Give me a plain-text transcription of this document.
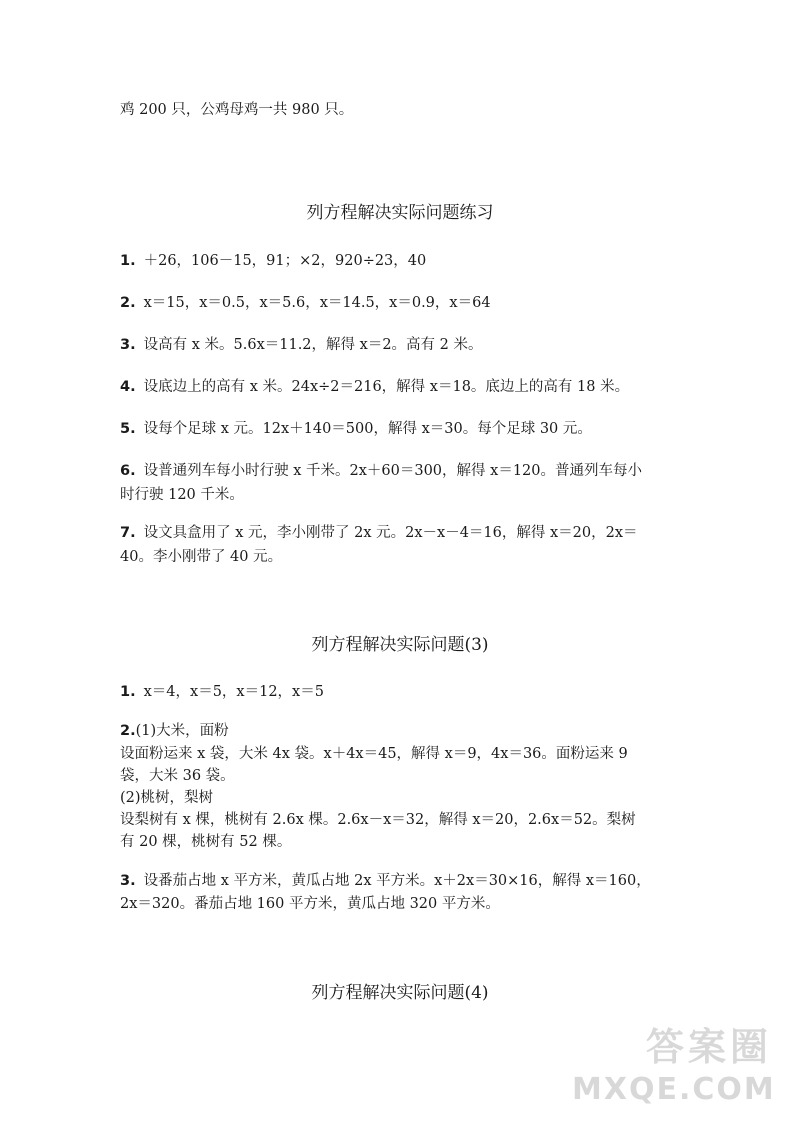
鸡 200 只，公鸡母鸡一共 980 只。
列方程解决实际问题练习
1. ＋26，106－15，91；×2，920÷23，40
2. x＝15，x＝0.5，x＝5.6，x＝14.5，x＝0.9，x＝64
3. 设高有 x 米。5.6x＝11.2，解得 x＝2。高有 2 米。
4. 设底边上的高有 x 米。24x÷2＝216，解得 x＝18。底边上的高有 18 米。
5. 设每个足球 x 元。12x＋140＝500，解得 x＝30。每个足球 30 元。
6. 设普通列车每小时行驶 x 千米。2x＋60＝300，解得 x＝120。普通列车每小
时行驶 120 千米。
7. 设文具盒用了 x 元，李小刚带了 2x 元。2x－x－4＝16，解得 x＝20，2x＝
40。李小刚带了 40 元。
列方程解决实际问题(3)
1. x＝4，x＝5，x＝12，x＝5
2.(1)大米，面粉
设面粉运来 x 袋，大米 4x 袋。x＋4x＝45，解得 x＝9，4x＝36。面粉运来 9
袋，大米 36 袋。
(2)桃树，梨树
设梨树有 x 棵，桃树有 2.6x 棵。2.6x－x＝32，解得 x＝20，2.6x＝52。梨树
有 20 棵，桃树有 52 棵。
3. 设番茄占地 x 平方米，黄瓜占地 2x 平方米。x＋2x＝30×16，解得 x＝160，
2x＝320。番茄占地 160 平方米，黄瓜占地 320 平方米。
列方程解决实际问题(4)
答案圈
MXQE.COM
